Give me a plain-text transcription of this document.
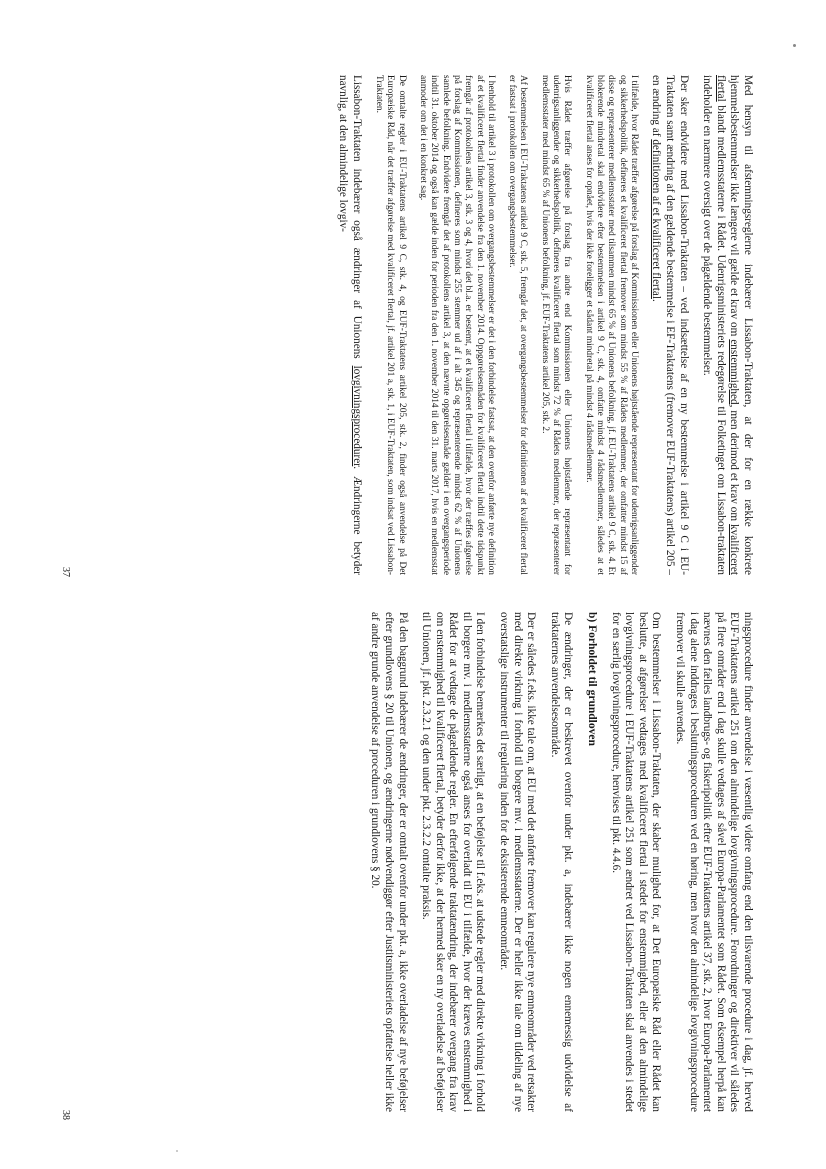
Med hensyn til afstemningsreglerne indebærer Lissabon-Traktaten, at der for en række konkrete hjemmelsbestemmelser ikke længere vil gælde et krav om enstemmighed, men derimod et krav om kvalificeret flertal blandt medlemsstaterne i Rådet. Udenrigsministeriets redegørelse til Folketinget om Lissabon-traktaten indeholder en nærmere oversigt over de pågældende bestemmelser.

Der sker endvidere med Lissabon-Traktaten – ved indsættelse af en ny bestemmelse i artikel 9 C i EU-Traktaten samt ændring af den gældende bestemmelse i EF-Traktatens (fremover EUF-Traktatens) artikel 205 – en ændring af definitionen af et kvalificeret flertal.

I tilfælde, hvor Rådet træffer afgørelse på forslag af Kommissionen eller Unionens højtstående repræsentant for udenrigsanliggender og sikkerhedspolitik, defineres et kvalificeret flertal fremover som mindst 55 % af Rådets medlemmer, der omfatter mindst 15 af disse og repræsenterer medlemsstater med tilsammen mindst 65 % af Unionens befolkning, jf. EU-Traktatens artikel 9 C, stk. 4. Et blokerende mindretal skal endvidere efter bestemmelsen i artikel 9 C, stk. 4, omfatte mindst 4 rådsmedlemmer, således at et kvalificeret flertal anses for opnået, hvis der ikke foreligger et sådant mindretal på mindst 4 rådsmedlemmer.

Hvis Rådet træffer afgørelse på forslag fra andre end Kommissionen eller Unionens højtstående repræsentant for udenrigsanliggender og sikkerhedspolitik, defineres kvalificeret flertal som mindst 72 % af Rådets medlemmer, der repræsenterer medlemsstater med mindst 65 % af Unionens befolkning, jf. EUF-Traktatens artikel 205, stk. 2.

Af bestemmelsen i EU-Traktatens artikel 9 C, stk. 5, fremgår det, at overgangsbestemmelser for definitionen af et kvalificeret flertal er fastsat i protokollen om overgangsbestemmelser.

I henhold til artikel 3 i protokollen om overgangsbestemmelser er det i den forbindelse fastsat, at den ovenfor anførte nye definition af et kvalificeret flertal finder anvendelse fra den 1. november 2014. Oppgørelsesmåden for kvalificeret flertal indtil dette tidspunkt fremgår af protokollens artikel 3, stk. 3 og 4, hvori det bl.a. er bestemt, at et kvalificeret flertal i tilfælde, hvor der træffes afgørelse på forslag af Kommissionen, defineres som mindst 255 stemmer ud af i alt 345 og repræsenterende mindst 62 % af Unionens samlede befolkning. Endvidere fremgår det af protokollens artikel 3, at den nævnte opgørelsesmåde gælder i en overgangsperiode indtil 31. oktober 2014 og også kan gælde inden for perioden fra den 1. november 2014 til den 31. marts 2017, hvis en medlemsstat anmoder om det i en konkret sag.

De omtalte regler i EU-Traktatens artikel 9 C, stk. 4, og EUF-Traktatens artikel 205, stk. 2, finder også anvendelse på Det Europæiske Råd, når det træffer afgørelse med kvalificeret flertal, jf. artikel 201 a, stk. 1, i EUF-Traktaten, som indsat ved Lissabon-Traktaten.

Lissabon-Traktaten indebærer også ændringer af Unionens lovgivningsprocedurer. Ændringerne betyder navnlig, at den almindelige lovgiv-

37

ningsprocedure finder anvendelse i væsentlig videre omfang end den tilsvarende procedure i dag, jf. herved EUF-Traktatens artikel 251 om den almindelige lovgivningsprocedure. Forordninger og direktiver vil således på flere områder end i dag skulle vedtages af såvel Europa-Parlamentet som Rådet. Som eksempel herpå kan nævnes den fælles landbrugs- og fiskeripolitik efter EUF-Traktatens artikel 37, stk. 2, hvor Europa-Parlamentet i dag alene inddrages i beslutningsproceduren ved en høring, men hvor den almindelige lovgivningsprocedure fremover vil skulle anvendes.

Om bestemmelser i Lissabon-Traktaten, der skaber mulighed for, at Det Europæiske Råd eller Rådet kan beslutte, at afgørelser vedtages med kvalificeret flertal i stedet for enstemmighed, eller at den almindelige lovgivningsprocedure i EUF-Traktatens artikel 251 som ændret ved Lissabon-Traktaten skal anvendes i stedet for en særlig lovgivningsprocedure, henvises til pkt. 4.4.6.

b) Forholdet til grundloven

De ændringer, der er beskrevet ovenfor under pkt. a, indebærer ikke nogen ennemessig udvidelse af traktaternes anvendelsesområde.

Der er således f.eks. ikke tale om, at EU med det anførte fremover kan regulere nye emneområder ved retsakter med direkte virkning i forhold til borgere mv. i medlemsstaterne. Der er heller ikke tale om tildeling af nye overstatslige instrumenter til regulering inden for de eksisterende emneområder.

I den forbindelse bemærkes det særligt, at en beføjelse til f.eks. at udstede regler med direkte virkning i forhold til borgere mv. i medlemsstaterne også anses for overladt til EU i tilfælde, hvor der kræves enstemmighed i Rådet for at vedtage de pågældende regler. En efterfølgende traktatændring, der indebærer overgang fra krav om enstemmighed til kvalificeret flertal, betyder derfor ikke, at der hermed sker en ny overladelse af beføjelser til Unionen, jf. pkt. 2.3.2.1 og den under pkt. 2.3.2.2 omtalte praksis.

På den baggrund indebærer de ændringer, der er omtalt ovenfor under pkt. a, ikke overladelse af nye beføjelser efter grundlovens § 20 til Unionen, og ændringerne nødvendiggør efter Justitsministeriets opfattelse heller ikke af andre grunde anvendelse af proceduren i grundlovens § 20.

38
